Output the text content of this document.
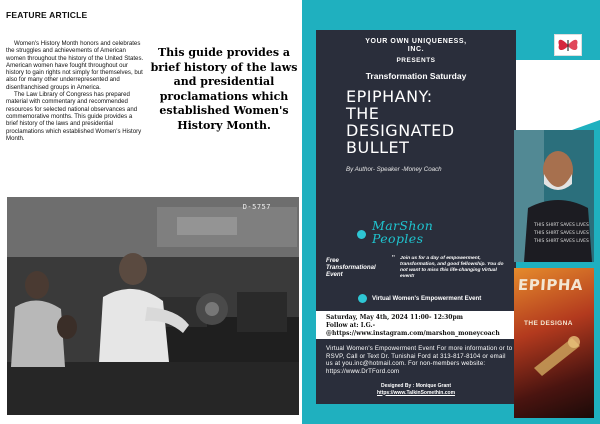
FEATURE ARTICLE

Women's History Month honors and celebrates the struggles and achievements of American women throughout the history of the United States. American women have fought throughout our history to gain rights not simply for themselves, but also for many other underrepresented and disenfranchised groups in America.

The Law Library of Congress has prepared material with commentary and recommended resources for selected national observances and commemorative months. This guide provides a brief history of the laws and presidential proclamations which established Women's History Month.

This guide provides a brief history of the laws and presidential proclamations which established Women's History Month.
D-5757
YOUR OWN UNIQUENESS,
INC.
PRESENTS
Transformation Saturday
EPIPHANY:
THE
DESIGNATED
BULLET
By Author- Speaker -Money Coach
MarShon
Peoples
Free Transformational Event
" Join us for a day of empowerment, transformation, and good fellowship. You do not want to miss this life-changing Virtual event!
Virtual Women's Empowerment Event
Saturday, May 4th, 2024 11:00- 12:30pm
Follow at: I.G.-
@https://www.instagram.com/marshon_moneycoach
Virtual Women's Empowerment Event For more information or to RSVP, Call or Text Dr. Tunishai Ford at 313-817-8104 or email us at you.inc@hotmail.com. For non-members website: https://www.DrTFord.com
Designed By : Monique Grant
https://www.TalkinSomethin.com
THIS SHIRT SAVES LIVES
THIS SHIRT SAVES LIVES
THIS SHIRT SAVES LIVES
EPIPHA
THE DESIGNA
